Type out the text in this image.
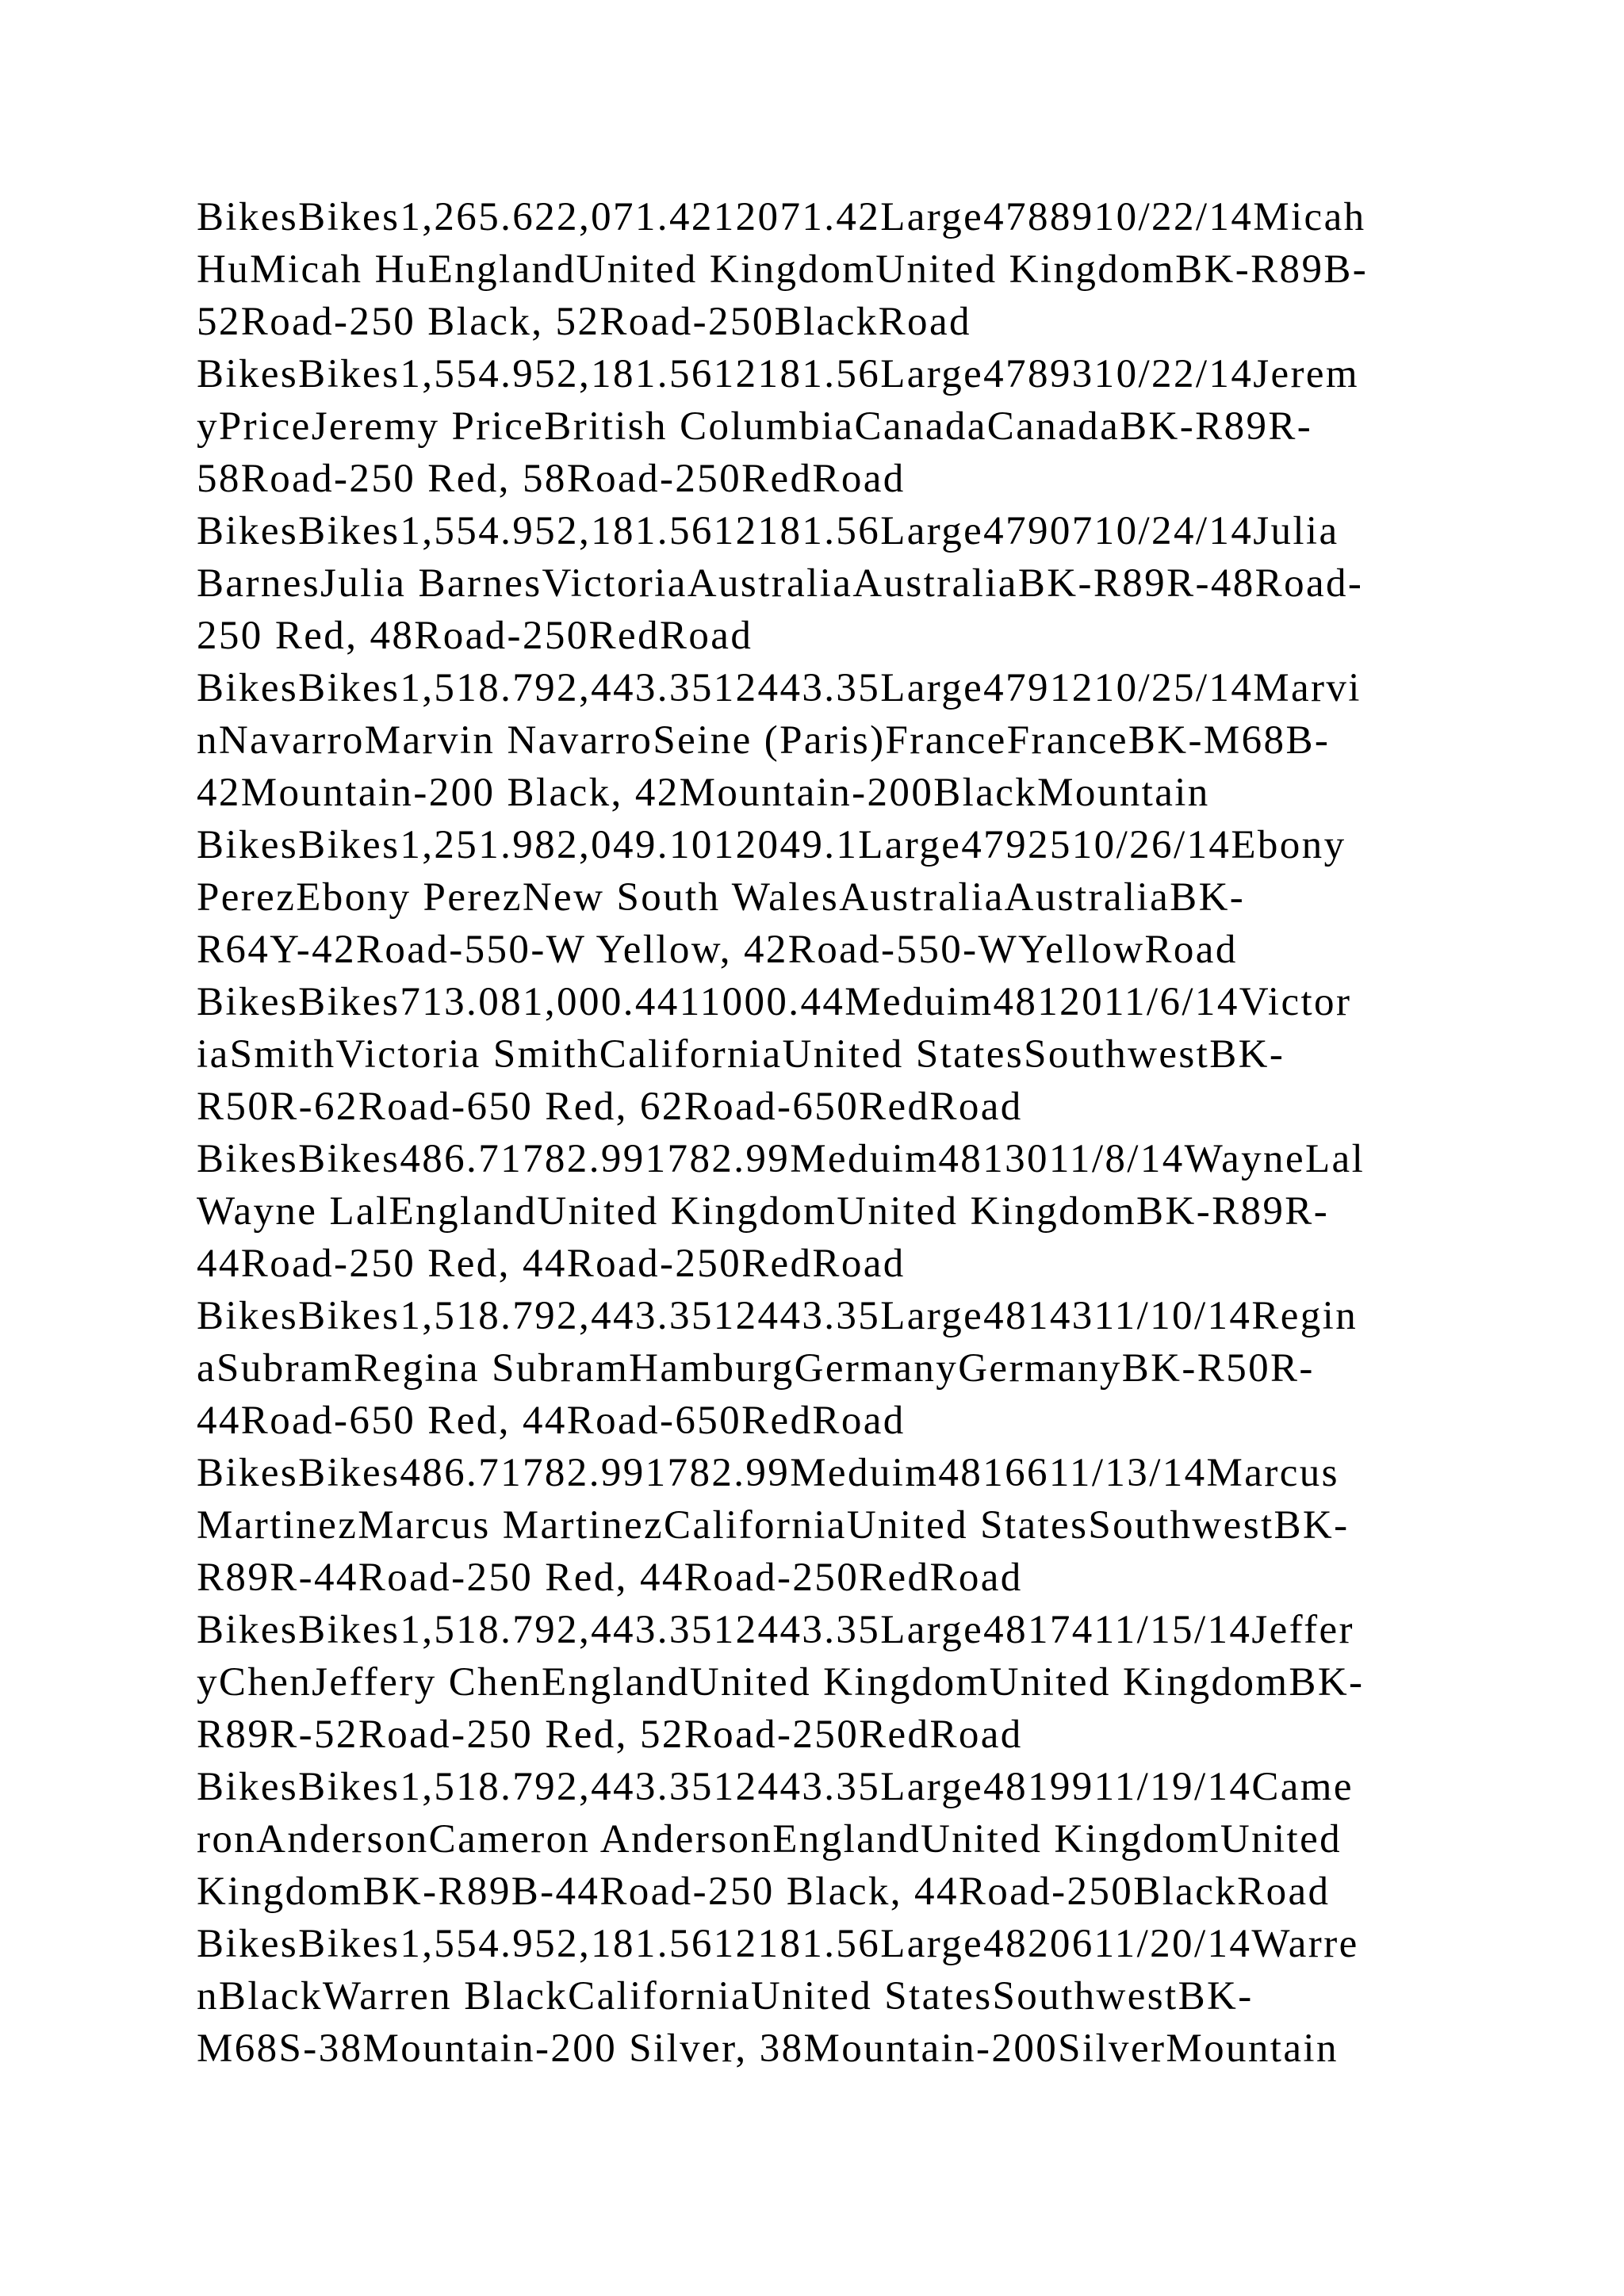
BikesBikes1,265.622,071.4212071.42Large4788910/22/14Micah
HuMicah HuEnglandUnited KingdomUnited KingdomBK-R89B-
52Road-250 Black, 52Road-250BlackRoad
BikesBikes1,554.952,181.5612181.56Large4789310/22/14Jerem
yPriceJeremy PriceBritish ColumbiaCanadaCanadaBK-R89R-
58Road-250 Red, 58Road-250RedRoad
BikesBikes1,554.952,181.5612181.56Large4790710/24/14Julia
BarnesJulia BarnesVictoriaAustraliaAustraliaBK-R89R-48Road-
250 Red, 48Road-250RedRoad
BikesBikes1,518.792,443.3512443.35Large4791210/25/14Marvi
nNavarroMarvin NavarroSeine (Paris)FranceFranceBK-M68B-
42Mountain-200 Black, 42Mountain-200BlackMountain
BikesBikes1,251.982,049.1012049.1Large4792510/26/14Ebony
PerezEbony PerezNew South WalesAustraliaAustraliaBK-
R64Y-42Road-550-W Yellow, 42Road-550-WYellowRoad
BikesBikes713.081,000.4411000.44Meduim4812011/6/14Victor
iaSmithVictoria SmithCaliforniaUnited StatesSouthwestBK-
R50R-62Road-650 Red, 62Road-650RedRoad
BikesBikes486.71782.991782.99Meduim4813011/8/14WayneLal
Wayne LalEnglandUnited KingdomUnited KingdomBK-R89R-
44Road-250 Red, 44Road-250RedRoad
BikesBikes1,518.792,443.3512443.35Large4814311/10/14Regin
aSubramRegina SubramHamburgGermanyGermanyBK-R50R-
44Road-650 Red, 44Road-650RedRoad
BikesBikes486.71782.991782.99Meduim4816611/13/14Marcus
MartinezMarcus MartinezCaliforniaUnited StatesSouthwestBK-
R89R-44Road-250 Red, 44Road-250RedRoad
BikesBikes1,518.792,443.3512443.35Large4817411/15/14Jeffer
yChenJeffery ChenEnglandUnited KingdomUnited KingdomBK-
R89R-52Road-250 Red, 52Road-250RedRoad
BikesBikes1,518.792,443.3512443.35Large4819911/19/14Came
ronAndersonCameron AndersonEnglandUnited KingdomUnited
KingdomBK-R89B-44Road-250 Black, 44Road-250BlackRoad
BikesBikes1,554.952,181.5612181.56Large4820611/20/14Warre
nBlackWarren BlackCaliforniaUnited StatesSouthwestBK-
M68S-38Mountain-200 Silver, 38Mountain-200SilverMountain
